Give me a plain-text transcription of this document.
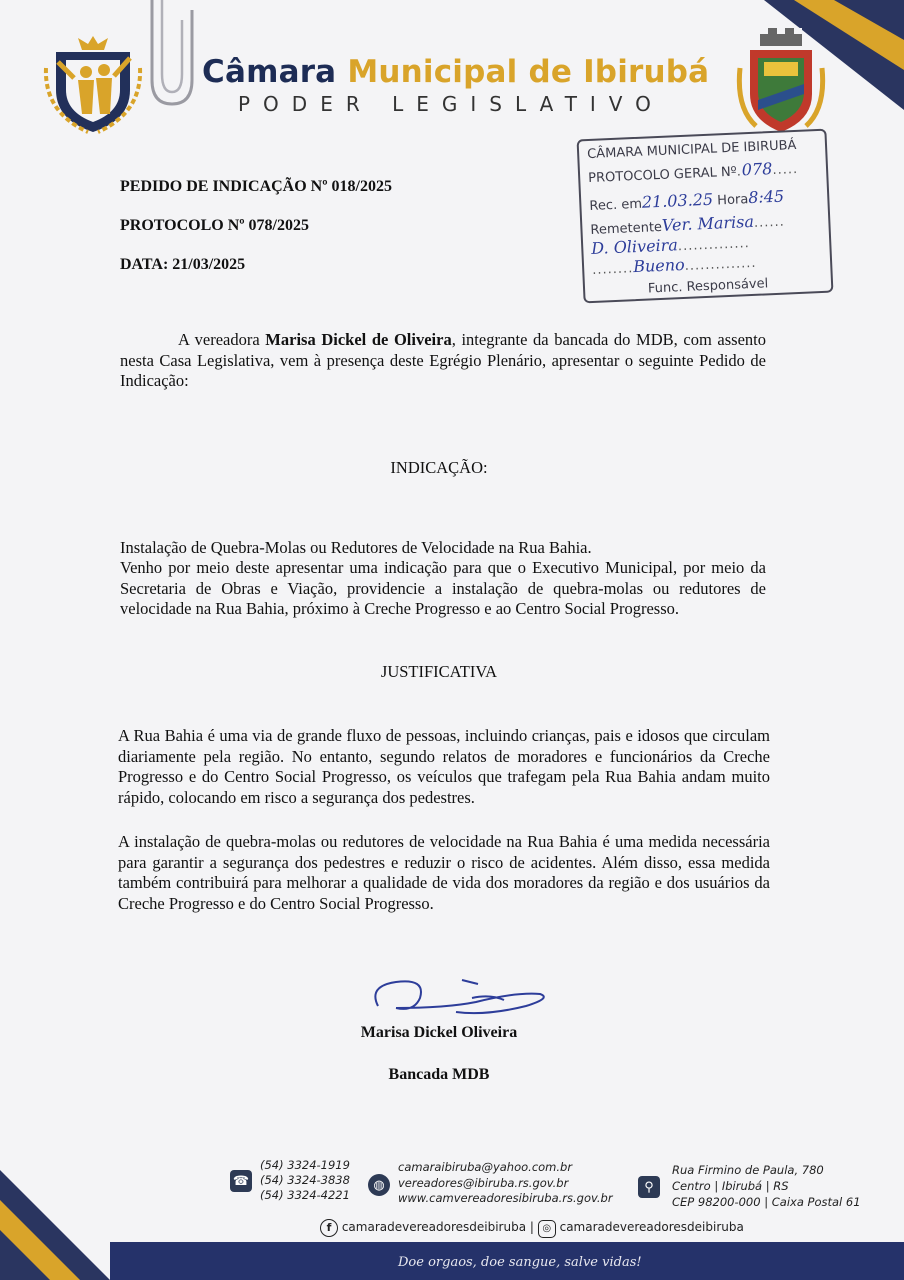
Câmara Municipal de Ibirubá
PODER LEGISLATIVO
CÂMARA MUNICIPAL DE IBIRUBÁ
PROTOCOLO GERAL Nº.078.....
Rec. em21.03.25 Hora8:45
RemetenteVer. Marisa......
D. Oliveira..............
........Bueno..............
Func. Responsável
PEDIDO DE INDICAÇÃO Nº 018/2025
PROTOCOLO Nº 078/2025
DATA: 21/03/2025
A vereadora Marisa Dickel de Oliveira, integrante da bancada do MDB, com assento nesta Casa Legislativa, vem à presença deste Egrégio Plenário, apresentar o seguinte Pedido de Indicação:
INDICAÇÃO:
Instalação de Quebra-Molas ou Redutores de Velocidade na Rua Bahia.
Venho por meio deste apresentar uma indicação para que o Executivo Municipal, por meio da Secretaria de Obras e Viação, providencie a instalação de quebra-molas ou redutores de velocidade na Rua Bahia, próximo à Creche Progresso e ao Centro Social Progresso.
JUSTIFICATIVA
A Rua Bahia é uma via de grande fluxo de pessoas, incluindo crianças, pais e idosos que circulam diariamente pela região. No entanto, segundo relatos de moradores e funcionários da Creche Progresso e do Centro Social Progresso, os veículos que trafegam pela Rua Bahia andam muito rápido, colocando em risco a segurança dos pedestres.
A instalação de quebra-molas ou redutores de velocidade na Rua Bahia é uma medida necessária para garantir a segurança dos pedestres e reduzir o risco de acidentes. Além disso, essa medida também contribuirá para melhorar a qualidade de vida dos moradores da região e dos usuários da Creche Progresso e do Centro Social Progresso.
Marisa Dickel Oliveira
Bancada MDB
☎
(54) 3324-1919
(54) 3324-3838
(54) 3324-4221
◍
camaraibiruba@yahoo.com.br
vereadores@ibiruba.rs.gov.br
www.camvereadoresibiruba.rs.gov.br
⚲
Rua Firmino de Paula, 780
Centro | Ibirubá | RS
CEP 98200-000 | Caixa Postal 61
f camaradevereadoresdeibiruba | ◎ camaradevereadoresdeibiruba
Doe orgaos, doe sangue, salve vidas!
